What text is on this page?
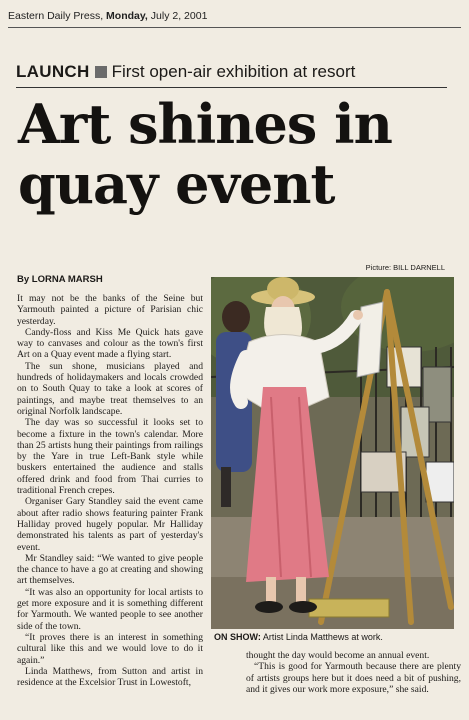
Eastern Daily Press, Monday, July 2, 2001
LAUNCH First open-air exhibition at resort
Art shines in
quay event
By LORNA MARSH
Picture: BILL DARNELL

It may not be the banks of the Seine but Yarmouth painted a picture of Parisian chic yesterday.

Candy-floss and Kiss Me Quick hats gave way to canvases and colour as the town's first Art on a Quay event made a flying start.

The sun shone, musicians played and hundreds of holidaymakers and locals crowded on to South Quay to take a look at scores of paintings, and maybe treat themselves to an original Norfolk landscape.

The day was so successful it looks set to become a fixture in the town's calendar. More than 25 artists hung their paintings from railings by the Yare in true Left-Bank style while buskers entertained the audience and stalls offered drink and food from Thai curries to traditional French crepes.

Organiser Gary Standley said the event came about after radio shows featuring painter Frank Halliday proved hugely popular. Mr Halliday demonstrated his talents as part of yesterday's event.

Mr Standley said: “We wanted to give people the chance to have a go at creating and showing art themselves.

“It was also an opportunity for local artists to get more exposure and it is something different for Yarmouth. We wanted people to see another side of the town.

“It proves there is an interest in something cultural like this and we would love to do it again.”

Linda Matthews, from Sutton and artist in residence at the Excelsior Trust in Lowestoft,

ON SHOW: Artist Linda Matthews at work.

thought the day would become an annual event.

“This is good for Yarmouth because there are plenty of artists groups here but it does need a bit of pushing, and it gives our work more exposure,” she said.
